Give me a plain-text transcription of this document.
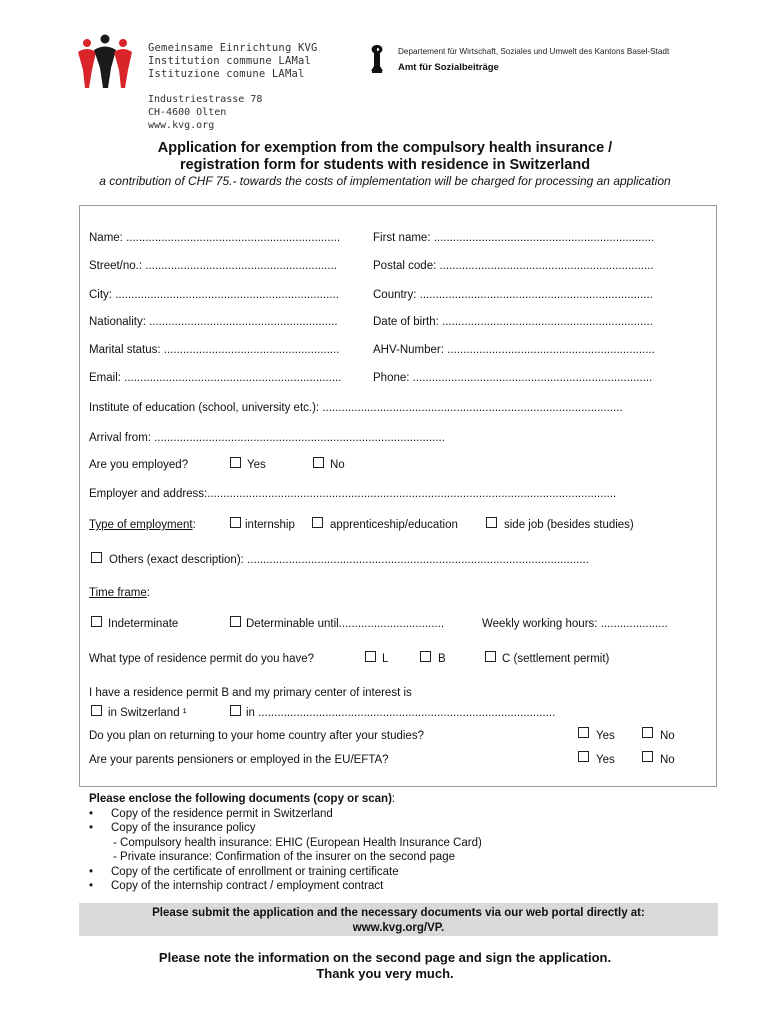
Gemeinsame Einrichtung KVG
Institution commune LAMal
Istituzione comune LAMal
Industriestrasse 78
CH-4600 Olten
www.kvg.org
Departement für Wirtschaft, Soziales und Umwelt des Kantons Basel-Stadt
Amt für Sozialbeiträge
Application for exemption from the compulsory health insurance /
registration form for students with residence in Switzerland
a contribution of CHF 75.- towards the costs of implementation will be charged for processing an application
Name: ...................................................................	First name: .....................................................................
Street/no.: ............................................................	Postal code: ...................................................................
City: ......................................................................	Country: .........................................................................
Nationality: ...........................................................	Date of birth: ..................................................................
Marital status: .......................................................	AHV-Number: .................................................................
Email: ....................................................................	Phone: ...........................................................................
Institute of education (school, university etc.): ..............................................................................................
Arrival from: ...........................................................................................
Are you employed?	Yes	No
Employer and address:................................................................................................................................
Type of employment:	internship	apprenticeship/education	side job (besides studies)
Others (exact description): ...........................................................................................................
Time frame:
Indeterminate	Determinable until.................................	Weekly working hours: .....................
What type of residence permit do you have?	L	B	C (settlement permit)
I have a residence permit B and my primary center of interest is
in Switzerland ¹	in .............................................................................................
Do you plan on returning to your home country after your studies?	Yes	No
Are your parents pensioners or employed in the EU/EFTA?	Yes	No
Please enclose the following documents (copy or scan):
• Copy of the residence permit in Switzerland
• Copy of the insurance policy
- Compulsory health insurance: EHIC (European Health Insurance Card)
- Private insurance: Confirmation of the insurer on the second page
• Copy of the certificate of enrollment or training certificate
• Copy of the internship contract / employment contract
Please submit the application and the necessary documents via our web portal directly at:
www.kvg.org/VP.
Please note the information on the second page and sign the application.
Thank you very much.
